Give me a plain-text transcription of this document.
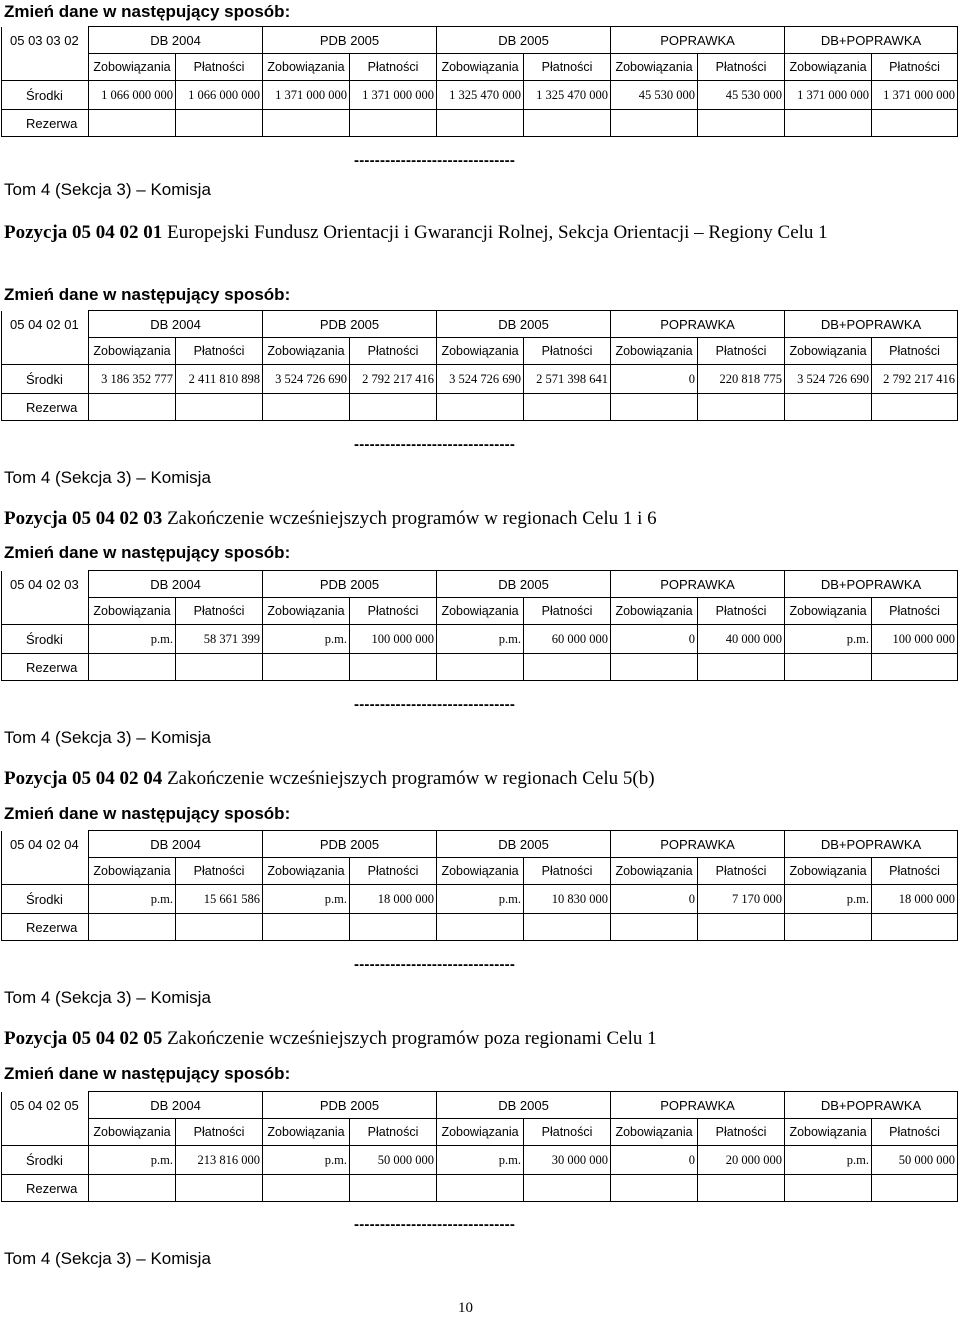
Zmień dane w następujący sposób:
05 03 03 02	DB 2004		PDB 2005		DB 2005		POPRAWKA		DB+POPRAWKA	
	Zobowiązania	Płatności	Zobowiązania	Płatności	Zobowiązania	Płatności	Zobowiązania	Płatności	Zobowiązania	Płatności
Środki	1 066 000 000	1 066 000 000	1 371 000 000	1 371 000 000	1 325 470 000	1 325 470 000	45 530 000	45 530 000	1 371 000 000	1 371 000 000
Rezerwa										
-------------------------------
Tom 4 (Sekcja 3) – Komisja
Pozycja 05 04 02 01 Europejski Fundusz Orientacji i Gwarancji Rolnej, Sekcja Orientacji – Regiony Celu 1
Zmień dane w następujący sposób:
05 04 02 01	DB 2004		PDB 2005		DB 2005		POPRAWKA		DB+POPRAWKA	
	Zobowiązania	Płatności	Zobowiązania	Płatności	Zobowiązania	Płatności	Zobowiązania	Płatności	Zobowiązania	Płatności
Środki	3 186 352 777	2 411 810 898	3 524 726 690	2 792 217 416	3 524 726 690	2 571 398 641	0	220 818 775	3 524 726 690	2 792 217 416
Rezerwa										
-------------------------------
Tom 4 (Sekcja 3) – Komisja
Pozycja 05 04 02 03 Zakończenie wcześniejszych programów w regionach Celu 1 i 6
Zmień dane w następujący sposób:
05 04 02 03	DB 2004		PDB 2005		DB 2005		POPRAWKA		DB+POPRAWKA	
	Zobowiązania	Płatności	Zobowiązania	Płatności	Zobowiązania	Płatności	Zobowiązania	Płatności	Zobowiązania	Płatności
Środki	p.m.	58 371 399	p.m.	100 000 000	p.m.	60 000 000	0	40 000 000	p.m.	100 000 000
Rezerwa										
-------------------------------
Tom 4 (Sekcja 3) – Komisja
Pozycja 05 04 02 04 Zakończenie wcześniejszych programów w regionach Celu 5(b)
Zmień dane w następujący sposób:
05 04 02 04	DB 2004		PDB 2005		DB 2005		POPRAWKA		DB+POPRAWKA	
	Zobowiązania	Płatności	Zobowiązania	Płatności	Zobowiązania	Płatności	Zobowiązania	Płatności	Zobowiązania	Płatności
Środki	p.m.	15 661 586	p.m.	18 000 000	p.m.	10 830 000	0	7 170 000	p.m.	18 000 000
Rezerwa										
-------------------------------
Tom 4 (Sekcja 3) – Komisja
Pozycja 05 04 02 05 Zakończenie wcześniejszych programów poza regionami Celu 1
Zmień dane w następujący sposób:
05 04 02 05	DB 2004		PDB 2005		DB 2005		POPRAWKA		DB+POPRAWKA	
	Zobowiązania	Płatności	Zobowiązania	Płatności	Zobowiązania	Płatności	Zobowiązania	Płatności	Zobowiązania	Płatności
Środki	p.m.	213 816 000	p.m.	50 000 000	p.m.	30 000 000	0	20 000 000	p.m.	50 000 000
Rezerwa										
-------------------------------
Tom 4 (Sekcja 3) – Komisja
10
